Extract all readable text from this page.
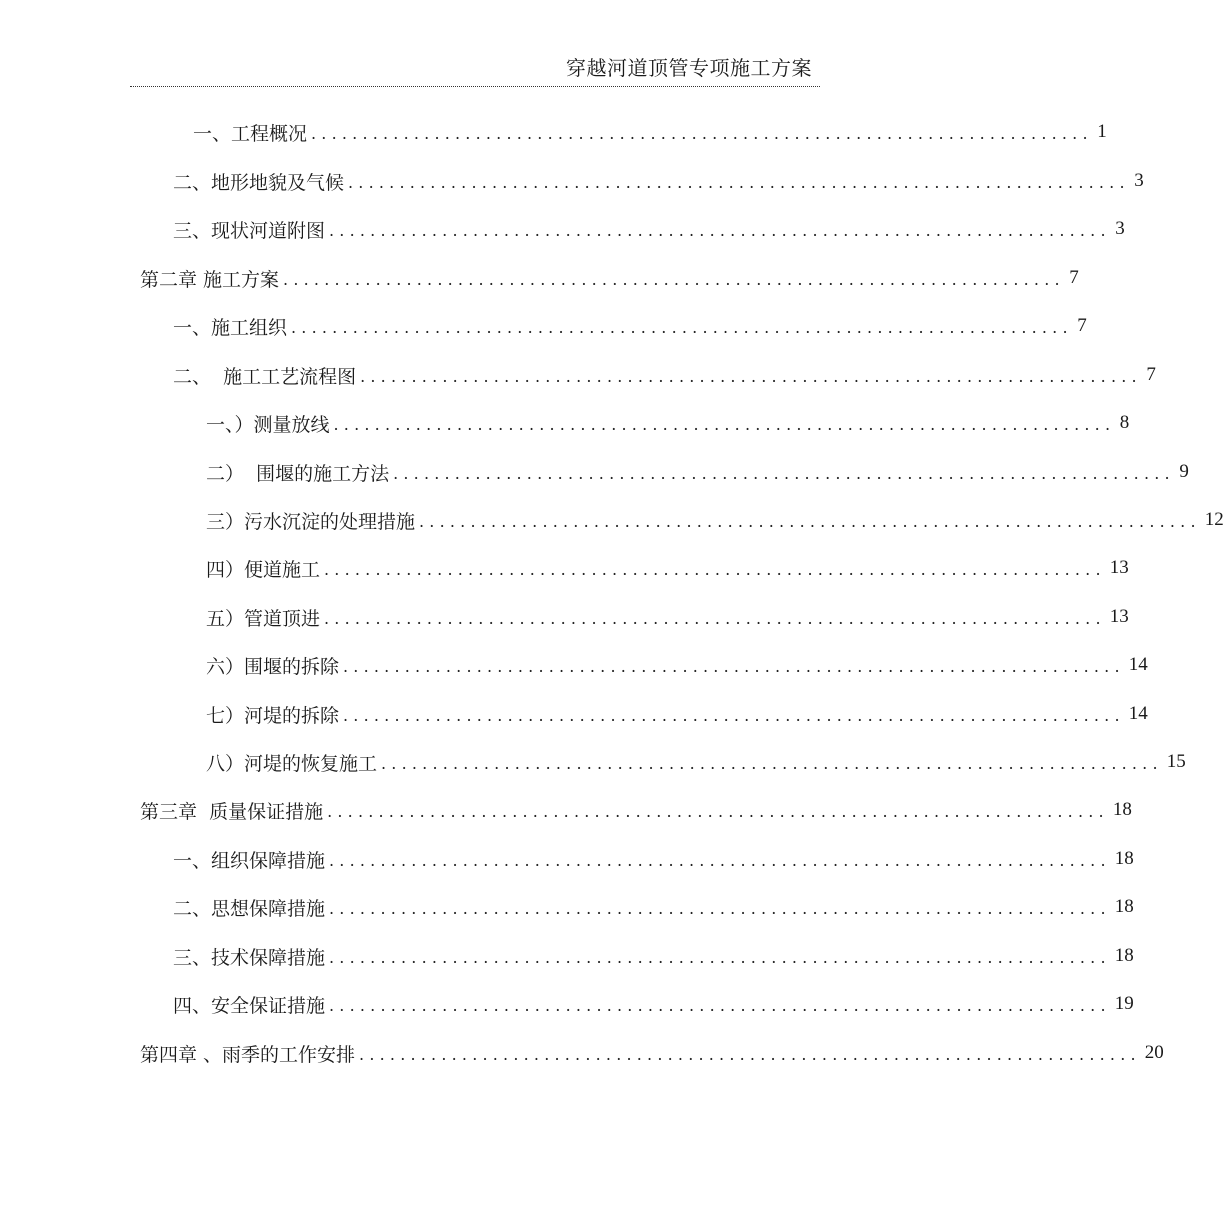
穿越河道顶管专项施工方案
一、工程概况 ............................................................................ 1
二、地形地貌及气候 ............................................................................ 3
三、现状河道附图 ............................................................................ 3
第二章 施工方案 ............................................................................ 7
一、施工组织 ............................................................................ 7
二、  施工工艺流程图 ............................................................................ 7
一、）测量放线 ............................................................................ 8
二）  围堰的施工方法 ............................................................................ 9
三）污水沉淀的处理措施 ............................................................................ 12
四）便道施工 ............................................................................ 13
五）管道顶进 ............................................................................ 13
六）围堰的拆除 ............................................................................ 14
七）河堤的拆除 ............................................................................ 14
八）河堤的恢复施工 ............................................................................ 15
第三章  质量保证措施 ............................................................................ 18
一、组织保障措施 ............................................................................ 18
二、思想保障措施 ............................................................................ 18
三、技术保障措施 ............................................................................ 18
四、安全保证措施 ............................................................................ 19
第四章 、雨季的工作安排 ............................................................................ 20
